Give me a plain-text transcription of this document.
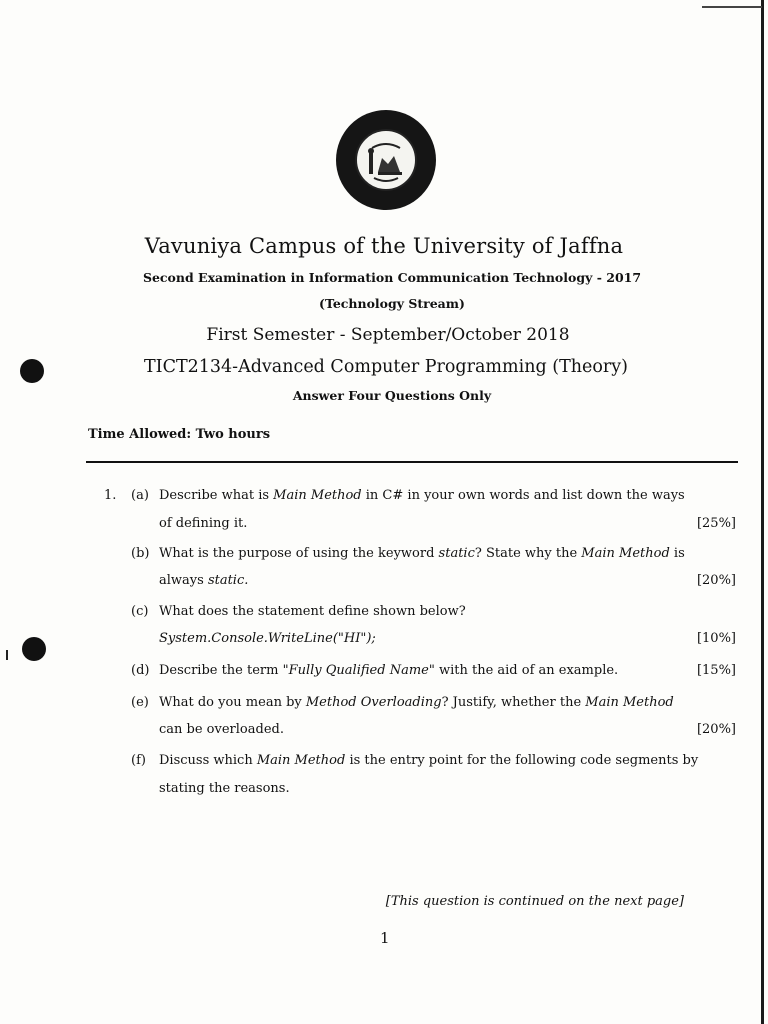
Vavuniya Campus of the University of Jaffna
Second Examination in Information Communication Technology - 2017
(Technology Stream)
First Semester - September/October 2018
TICT2134-Advanced Computer Programming (Theory)
Answer Four Questions Only
Time Allowed: Two hours
1. (a) Describe what is Main Method in C# in your own words and list down the ways
of defining it.	[25%]
(b) What is the purpose of using the keyword static? State why the Main Method is
always static.	[20%]
(c) What does the statement define shown below?
System.Console.WriteLine("HI");	[10%]
(d) Describe the term "Fully Qualified Name" with the aid of an example.	[15%]
(e) What do you mean by Method Overloading? Justify, whether the Main Method
can be overloaded.	[20%]
(f) Discuss which Main Method is the entry point for the following code segments by
stating the reasons.
[This question is continued on the next page]
1
